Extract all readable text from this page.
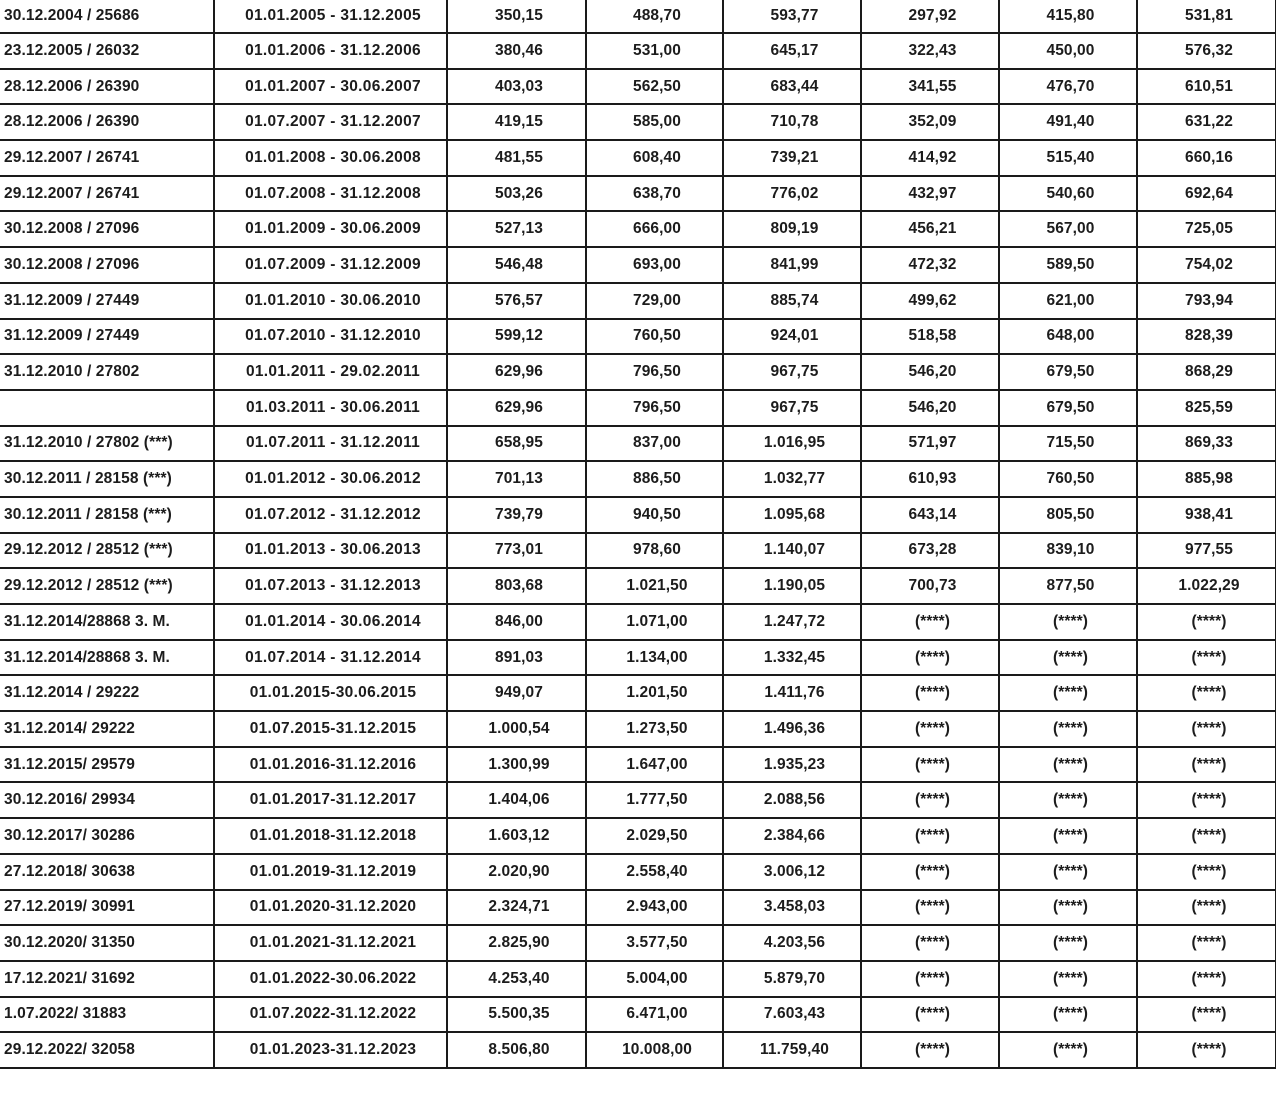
30.12.2004 / 25686	01.01.2005 - 31.12.2005	350,15	488,70	593,77	297,92	415,80	531,81
23.12.2005 / 26032	01.01.2006 - 31.12.2006	380,46	531,00	645,17	322,43	450,00	576,32
28.12.2006 / 26390	01.01.2007 - 30.06.2007	403,03	562,50	683,44	341,55	476,70	610,51
28.12.2006 / 26390	01.07.2007 - 31.12.2007	419,15	585,00	710,78	352,09	491,40	631,22
29.12.2007 / 26741	01.01.2008 - 30.06.2008	481,55	608,40	739,21	414,92	515,40	660,16
29.12.2007 / 26741	01.07.2008 - 31.12.2008	503,26	638,70	776,02	432,97	540,60	692,64
30.12.2008 / 27096	01.01.2009 - 30.06.2009	527,13	666,00	809,19	456,21	567,00	725,05
30.12.2008 / 27096	01.07.2009 - 31.12.2009	546,48	693,00	841,99	472,32	589,50	754,02
31.12.2009 / 27449	01.01.2010 - 30.06.2010	576,57	729,00	885,74	499,62	621,00	793,94
31.12.2009 / 27449	01.07.2010 - 31.12.2010	599,12	760,50	924,01	518,58	648,00	828,39
31.12.2010 / 27802	01.01.2011 - 29.02.2011	629,96	796,50	967,75	546,20	679,50	868,29
	01.03.2011 - 30.06.2011	629,96	796,50	967,75	546,20	679,50	825,59
31.12.2010 / 27802 (***)	01.07.2011 - 31.12.2011	658,95	837,00	1.016,95	571,97	715,50	869,33
30.12.2011 / 28158 (***)	01.01.2012 - 30.06.2012	701,13	886,50	1.032,77	610,93	760,50	885,98
30.12.2011 / 28158 (***)	01.07.2012 - 31.12.2012	739,79	940,50	1.095,68	643,14	805,50	938,41
29.12.2012 / 28512 (***)	01.01.2013 - 30.06.2013	773,01	978,60	1.140,07	673,28	839,10	977,55
29.12.2012 / 28512 (***)	01.07.2013 - 31.12.2013	803,68	1.021,50	1.190,05	700,73	877,50	1.022,29
31.12.2014/28868 3. M.	01.01.2014 - 30.06.2014	846,00	1.071,00	1.247,72	(****)	(****)	(****)
31.12.2014/28868 3. M.	01.07.2014 - 31.12.2014	891,03	1.134,00	1.332,45	(****)	(****)	(****)
31.12.2014 / 29222	01.01.2015-30.06.2015	949,07	1.201,50	1.411,76	(****)	(****)	(****)
31.12.2014/ 29222	01.07.2015-31.12.2015	1.000,54	1.273,50	1.496,36	(****)	(****)	(****)
31.12.2015/ 29579	01.01.2016-31.12.2016	1.300,99	1.647,00	1.935,23	(****)	(****)	(****)
30.12.2016/ 29934	01.01.2017-31.12.2017	1.404,06	1.777,50	2.088,56	(****)	(****)	(****)
30.12.2017/ 30286	01.01.2018-31.12.2018	1.603,12	2.029,50	2.384,66	(****)	(****)	(****)
27.12.2018/ 30638	01.01.2019-31.12.2019	2.020,90	2.558,40	3.006,12	(****)	(****)	(****)
27.12.2019/ 30991	01.01.2020-31.12.2020	2.324,71	2.943,00	3.458,03	(****)	(****)	(****)
30.12.2020/ 31350	01.01.2021-31.12.2021	2.825,90	3.577,50	4.203,56	(****)	(****)	(****)
17.12.2021/ 31692	01.01.2022-30.06.2022	4.253,40	5.004,00	5.879,70	(****)	(****)	(****)
1.07.2022/ 31883	01.07.2022-31.12.2022	5.500,35	6.471,00	7.603,43	(****)	(****)	(****)
29.12.2022/ 32058	01.01.2023-31.12.2023	8.506,80	10.008,00	11.759,40	(****)	(****)	(****)
